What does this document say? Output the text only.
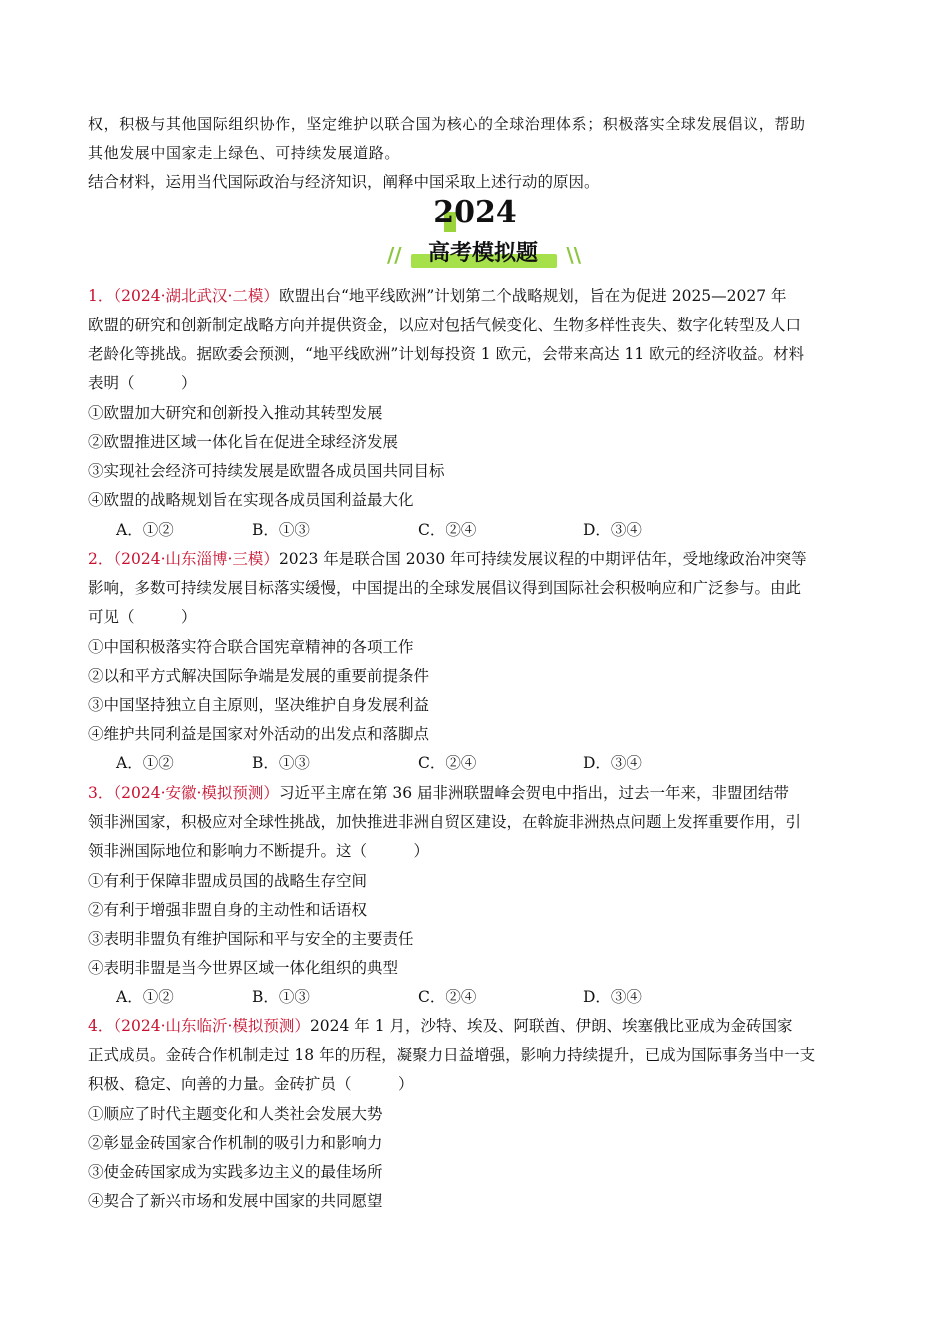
权，积极与其他国际组织协作，坚定维护以联合国为核心的全球治理体系；积极落实全球发展倡议，帮助
其他发展中国家走上绿色、可持续发展道路。
结合材料，运用当代国际政治与经济知识，阐释中国采取上述行动的原因。
2024
//	高考模拟题	\\
1．（2024·湖北武汉·二模）欧盟出台“地平线欧洲”计划第二个战略规划，旨在为促进 2025—2027 年
欧盟的研究和创新制定战略方向并提供资金，以应对包括气候变化、生物多样性丧失、数字化转型及人口
老龄化等挑战。据欧委会预测，“地平线欧洲”计划每投资 1 欧元，会带来高达 11 欧元的经济收益。材料
表明（　　　）
①欧盟加大研究和创新投入推动其转型发展
②欧盟推进区域一体化旨在促进全球经济发展
③实现社会经济可持续发展是欧盟各成员国共同目标
④欧盟的战略规划旨在实现各成员国利益最大化
A．①②	B．①③	C．②④	D．③④
2．（2024·山东淄博·三模）2023 年是联合国 2030 年可持续发展议程的中期评估年，受地缘政治冲突等
影响，多数可持续发展目标落实缓慢，中国提出的全球发展倡议得到国际社会积极响应和广泛参与。由此
可见（　　　）
①中国积极落实符合联合国宪章精神的各项工作
②以和平方式解决国际争端是发展的重要前提条件
③中国坚持独立自主原则，坚决维护自身发展利益
④维护共同利益是国家对外活动的出发点和落脚点
A．①②	B．①③	C．②④	D．③④
3．（2024·安徽·模拟预测）习近平主席在第 36 届非洲联盟峰会贺电中指出，过去一年来，非盟团结带
领非洲国家，积极应对全球性挑战，加快推进非洲自贸区建设，在斡旋非洲热点问题上发挥重要作用，引
领非洲国际地位和影响力不断提升。这（　　　）
①有利于保障非盟成员国的战略生存空间
②有利于增强非盟自身的主动性和话语权
③表明非盟负有维护国际和平与安全的主要责任
④表明非盟是当今世界区域一体化组织的典型
A．①②	B．①③	C．②④	D．③④
4．（2024·山东临沂·模拟预测）2024 年 1 月，沙特、埃及、阿联酋、伊朗、埃塞俄比亚成为金砖国家
正式成员。金砖合作机制走过 18 年的历程，凝聚力日益增强，影响力持续提升，已成为国际事务当中一支
积极、稳定、向善的力量。金砖扩员（　　　）
①顺应了时代主题变化和人类社会发展大势
②彰显金砖国家合作机制的吸引力和影响力
③使金砖国家成为实践多边主义的最佳场所
④契合了新兴市场和发展中国家的共同愿望
